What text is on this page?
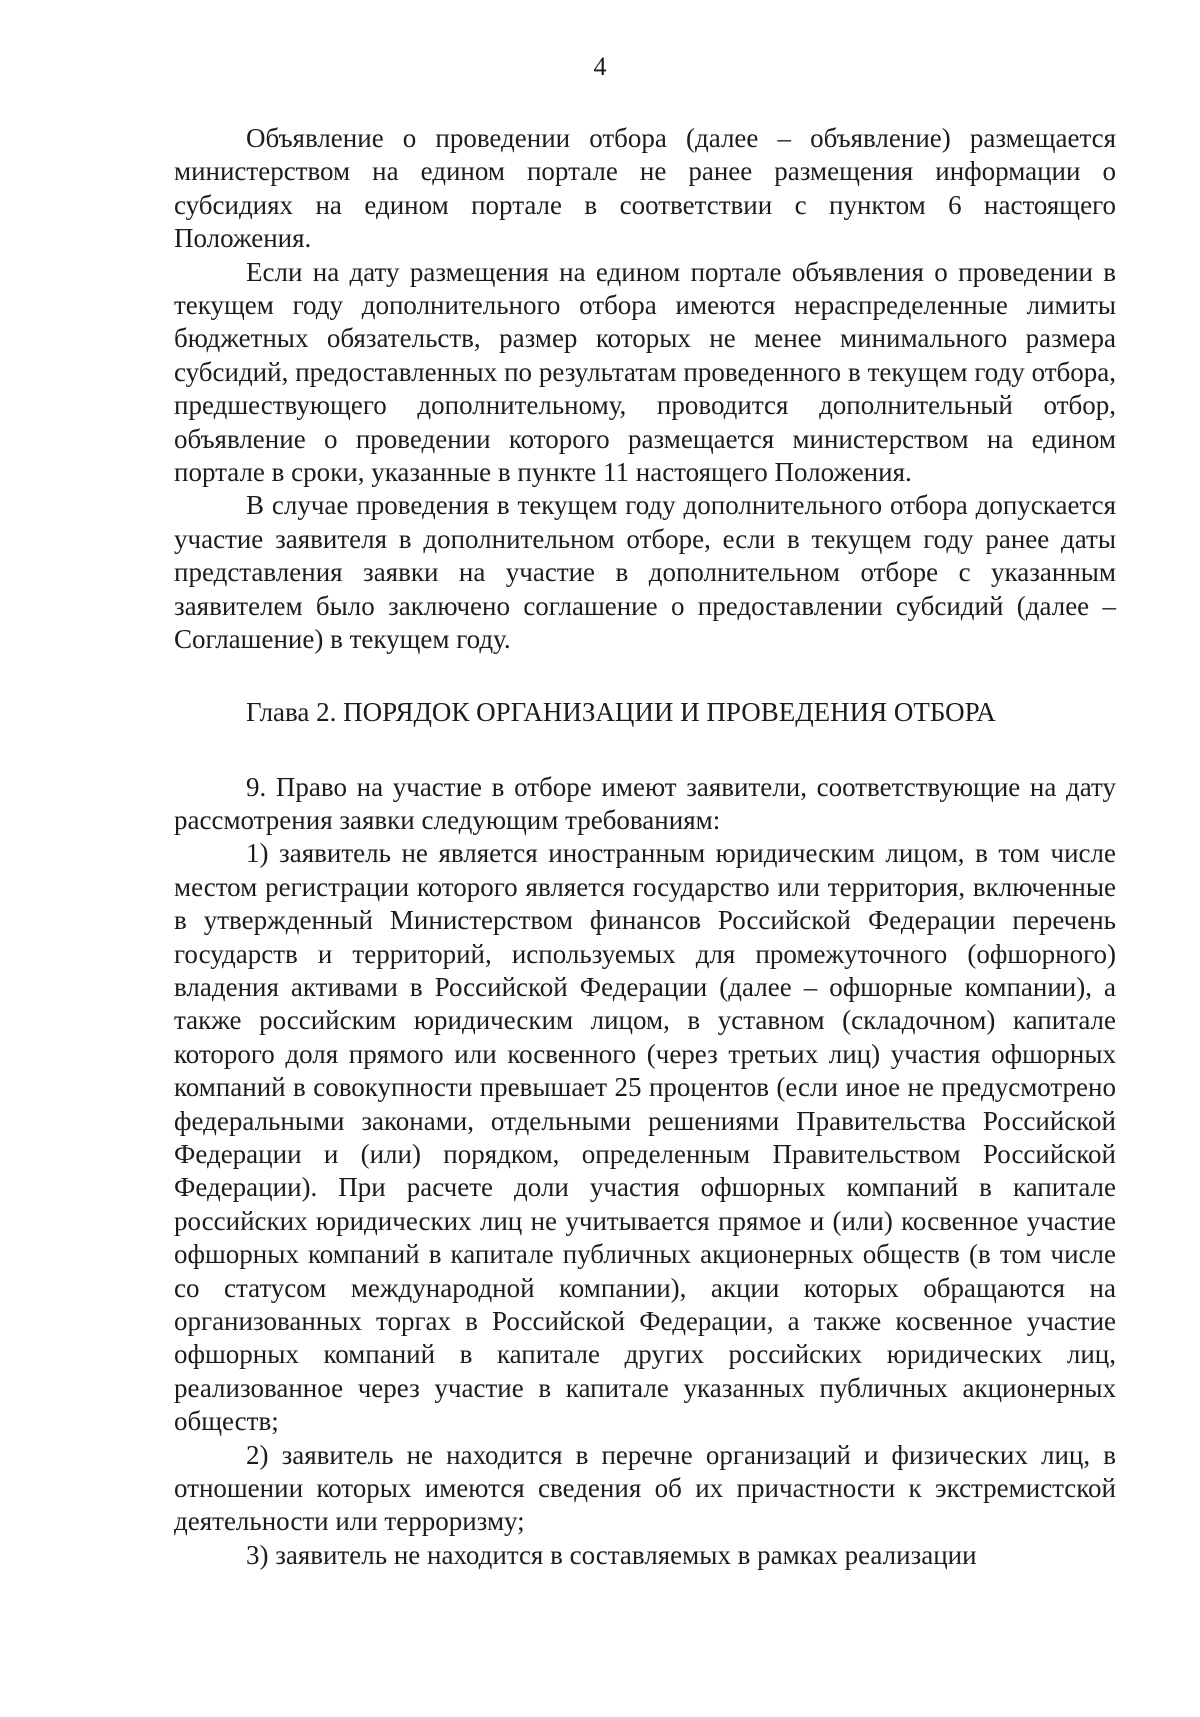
4

Объявление о проведении отбора (далее – объявление) размещается министерством на едином портале не ранее размещения информации о субсидиях на едином портале в соответствии с пунктом 6 настоящего Положения.

Если на дату размещения на едином портале объявления о проведении в текущем году дополнительного отбора имеются нераспределенные лимиты бюджетных обязательств, размер которых не менее минимального размера субсидий, предоставленных по результатам проведенного в текущем году отбора, предшествующего дополнительному, проводится дополнительный отбор, объявление о проведении которого размещается министерством на едином портале в сроки, указанные в пункте 11 настоящего Положения.

В случае проведения в текущем году дополнительного отбора допускается участие заявителя в дополнительном отборе, если в текущем году ранее даты представления заявки на участие в дополнительном отборе с указанным заявителем было заключено соглашение о предоставлении субсидий (далее – Соглашение) в текущем году.

Глава 2. ПОРЯДОК ОРГАНИЗАЦИИ И ПРОВЕДЕНИЯ ОТБОРА

9. Право на участие в отборе имеют заявители, соответствующие на дату рассмотрения заявки следующим требованиям:

1) заявитель не является иностранным юридическим лицом, в том числе местом регистрации которого является государство или территория, включенные в утвержденный Министерством финансов Российской Федерации перечень государств и территорий, используемых для промежуточного (офшорного) владения активами в Российской Федерации (далее – офшорные компании), а также российским юридическим лицом, в уставном (складочном) капитале которого доля прямого или косвенного (через третьих лиц) участия офшорных компаний в совокупности превышает 25 процентов (если иное не предусмотрено федеральными законами, отдельными решениями Правительства Российской Федерации и (или) порядком, определенным Правительством Российской Федерации). При расчете доли участия офшорных компаний в капитале российских юридических лиц не учитывается прямое и (или) косвенное участие офшорных компаний в капитале публичных акционерных обществ (в том числе со статусом международной компании), акции которых обращаются на организованных торгах в Российской Федерации, а также косвенное участие офшорных компаний в капитале других российских юридических лиц, реализованное через участие в капитале указанных публичных акционерных обществ;

2) заявитель не находится в перечне организаций и физических лиц, в отношении которых имеются сведения об их причастности к экстремистской деятельности или терроризму;

3) заявитель не находится в составляемых в рамках реализации
